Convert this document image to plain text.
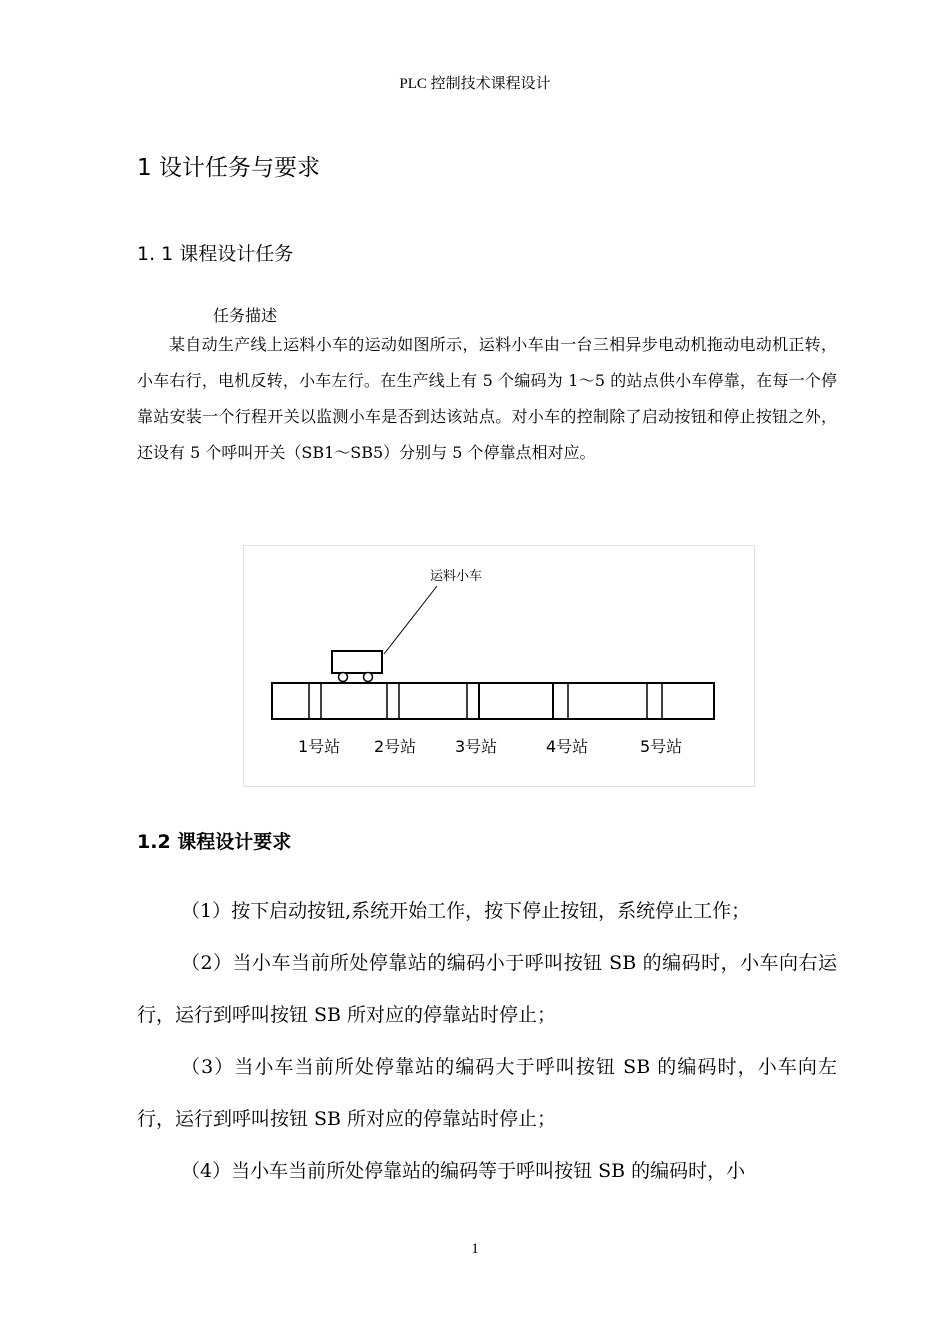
PLC 控制技术课程设计
1 设计任务与要求
1. 1 课程设计任务
任务描述

某自动生产线上运料小车的运动如图所示，运料小车由一台三相异步电动机拖动电动机正转，小车右行，电机反转，小车左行。在生产线上有 5 个编码为 1～5 的站点供小车停靠，在每一个停靠站安装一个行程开关以监测小车是否到达该站点。对小车的控制除了启动按钮和停止按钮之外，还设有 5 个呼叫开关（SB1～SB5）分别与 5 个停靠点相对应。

运料小车
1号站 2号站 3号站	4号站	5号站
1.2 课程设计要求

（1）按下启动按钮,系统开始工作，按下停止按钮，系统停止工作；

（2）当小车当前所处停靠站的编码小于呼叫按钮 SB 的编码时，小车向右运行，运行到呼叫按钮 SB 所对应的停靠站时停止；

（3）当小车当前所处停靠站的编码大于呼叫按钮 SB 的编码时，小车向左行，运行到呼叫按钮 SB 所对应的停靠站时停止；

（4）当小车当前所处停靠站的编码等于呼叫按钮 SB 的编码时，小

1
